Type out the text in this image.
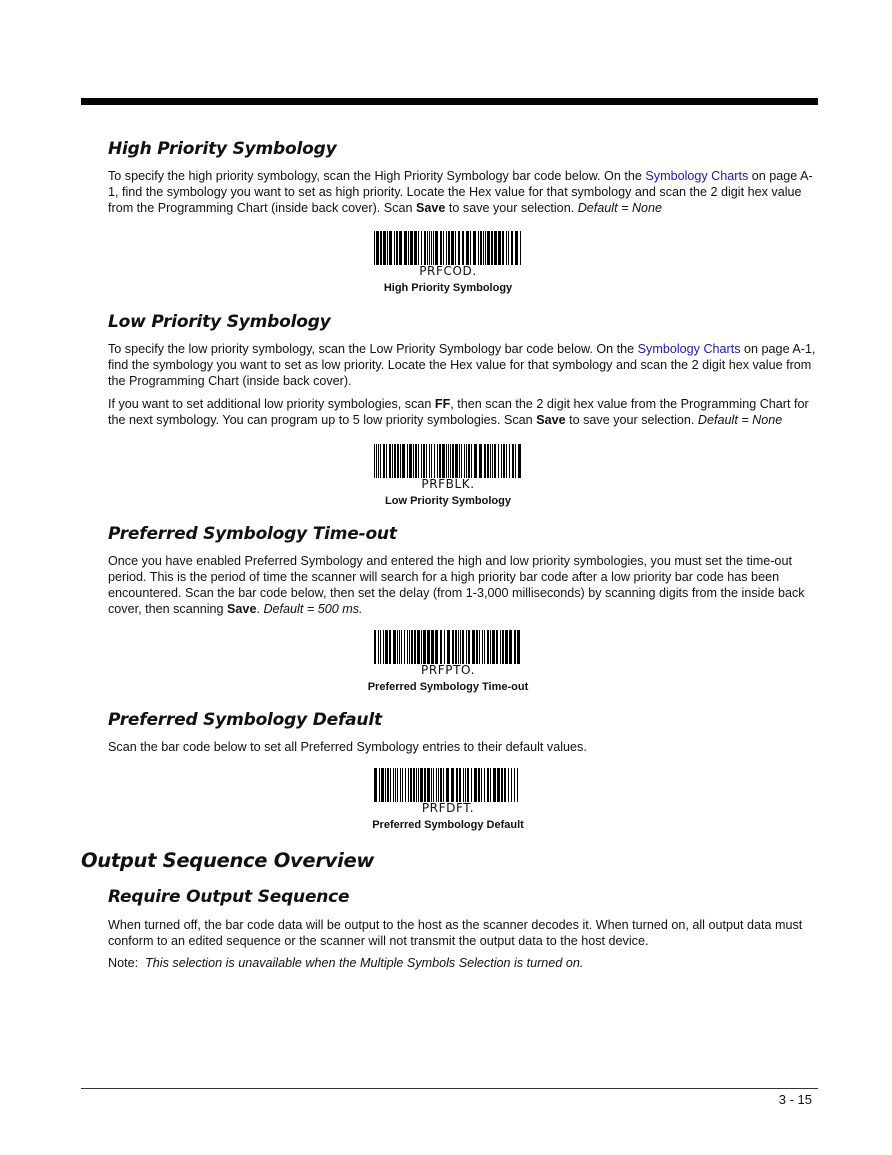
High Priority Symbology

To specify the high priority symbology, scan the High Priority Symbology bar code below. On the Symbology Charts on page A-1, find the symbology you want to set as high priority. Locate the Hex value for that symbology and scan the 2 digit hex value from the Programming Chart (inside back cover). Scan Save to save your selection. Default = None

PRFCOD.
High Priority Symbology
Low Priority Symbology

To specify the low priority symbology, scan the Low Priority Symbology bar code below. On the Symbology Charts on page A-1, find the symbology you want to set as low priority. Locate the Hex value for that symbology and scan the 2 digit hex value from the Programming Chart (inside back cover).

If you want to set additional low priority symbologies, scan FF, then scan the 2 digit hex value from the Programming Chart for the next symbology. You can program up to 5 low priority symbologies. Scan Save to save your selection. Default = None

PRFBLK.
Low Priority Symbology
Preferred Symbology Time-out

Once you have enabled Preferred Symbology and entered the high and low priority symbologies, you must set the time-out period. This is the period of time the scanner will search for a high priority bar code after a low priority bar code has been encountered. Scan the bar code below, then set the delay (from 1-3,000 milliseconds) by scanning digits from the inside back cover, then scanning Save. Default = 500 ms.

PRFPTO.
Preferred Symbology Time-out
Preferred Symbology Default

Scan the bar code below to set all Preferred Symbology entries to their default values.

PRFDFT.
Preferred Symbology Default
Output Sequence Overview
Require Output Sequence

When turned off, the bar code data will be output to the host as the scanner decodes it. When turned on, all output data must conform to an edited sequence or the scanner will not transmit the output data to the host device.

Note: This selection is unavailable when the Multiple Symbols Selection is turned on.

3 - 15
